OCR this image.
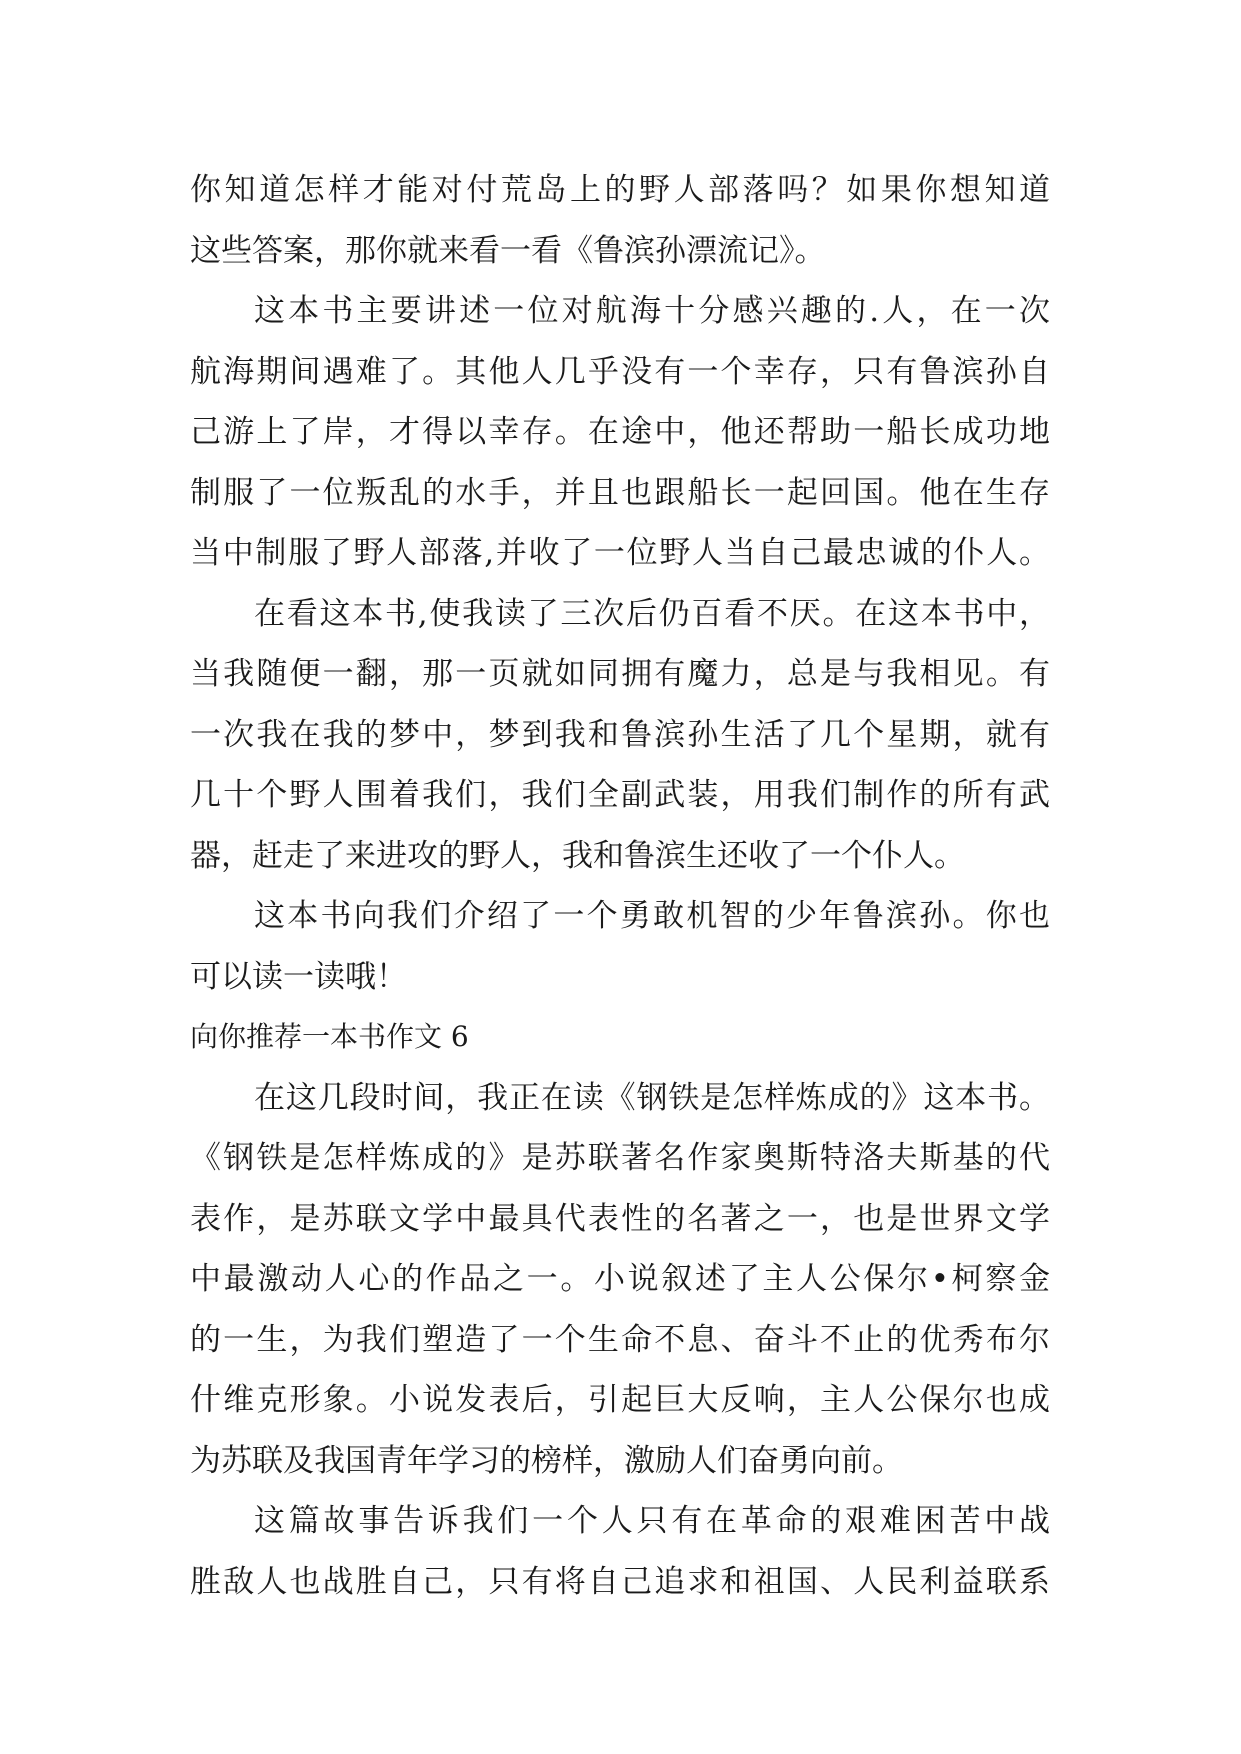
你知道怎样才能对付荒岛上的野人部落吗？如果你想知道
这些答案，那你就来看一看《鲁滨孙漂流记》。
这本书主要讲述一位对航海十分感兴趣的.人，在一次
航海期间遇难了。其他人几乎没有一个幸存，只有鲁滨孙自
己游上了岸，才得以幸存。在途中，他还帮助一船长成功地
制服了一位叛乱的水手，并且也跟船长一起回国。他在生存
当中制服了野人部落,并收了一位野人当自己最忠诚的仆人。
在看这本书,使我读了三次后仍百看不厌。在这本书中，
当我随便一翻，那一页就如同拥有魔力，总是与我相见。有
一次我在我的梦中，梦到我和鲁滨孙生活了几个星期，就有
几十个野人围着我们，我们全副武装，用我们制作的所有武
器，赶走了来进攻的野人，我和鲁滨生还收了一个仆人。
这本书向我们介绍了一个勇敢机智的少年鲁滨孙。你也
可以读一读哦！
向你推荐一本书作文 6
在这几段时间，我正在读《钢铁是怎样炼成的》这本书。
《钢铁是怎样炼成的》是苏联著名作家奥斯特洛夫斯基的代
表作，是苏联文学中最具代表性的名著之一，也是世界文学
中最激动人心的作品之一。小说叙述了主人公保尔•柯察金
的一生，为我们塑造了一个生命不息、奋斗不止的优秀布尔
什维克形象。小说发表后，引起巨大反响，主人公保尔也成
为苏联及我国青年学习的榜样，激励人们奋勇向前。
这篇故事告诉我们一个人只有在革命的艰难困苦中战
胜敌人也战胜自己，只有将自己追求和祖国、人民利益联系
